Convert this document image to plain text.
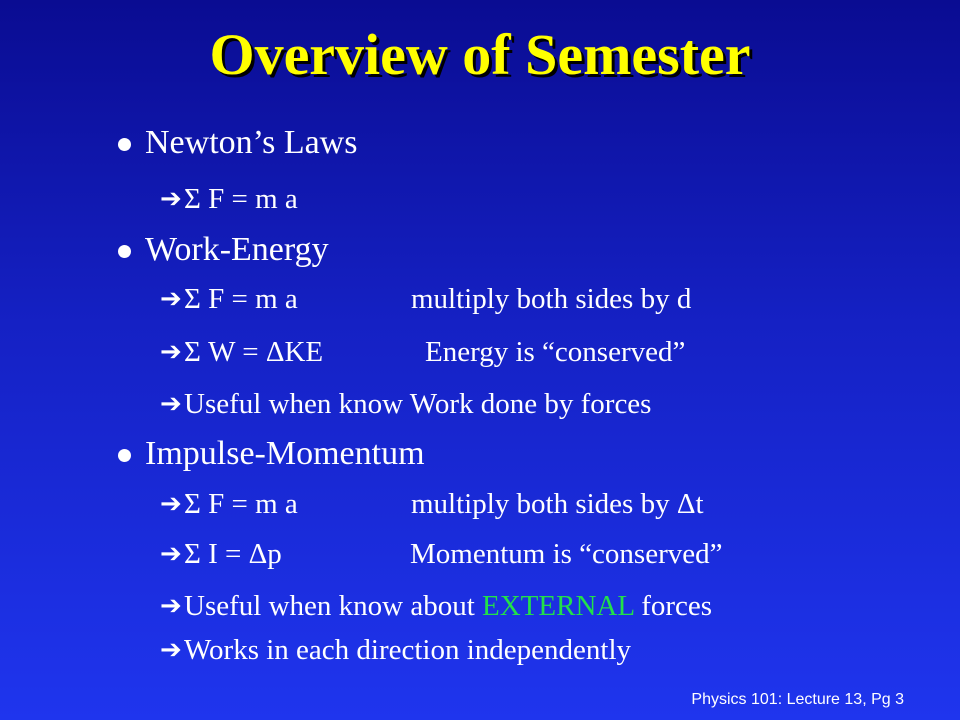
Overview of Semester
Newton’s Laws
➔ Σ F = m a
Work-Energy
➔ Σ F = m a	multiply both sides by d
➔ Σ W = ΔKE	Energy is “conserved”
➔ Useful when know Work done by forces
Impulse-Momentum
➔ Σ F = m a	multiply both sides by Δt
➔ Σ I = Δp	Momentum is “conserved”
➔ Useful when know about EXTERNAL forces
➔ Works in each direction independently
Physics 101: Lecture 13, Pg 3
